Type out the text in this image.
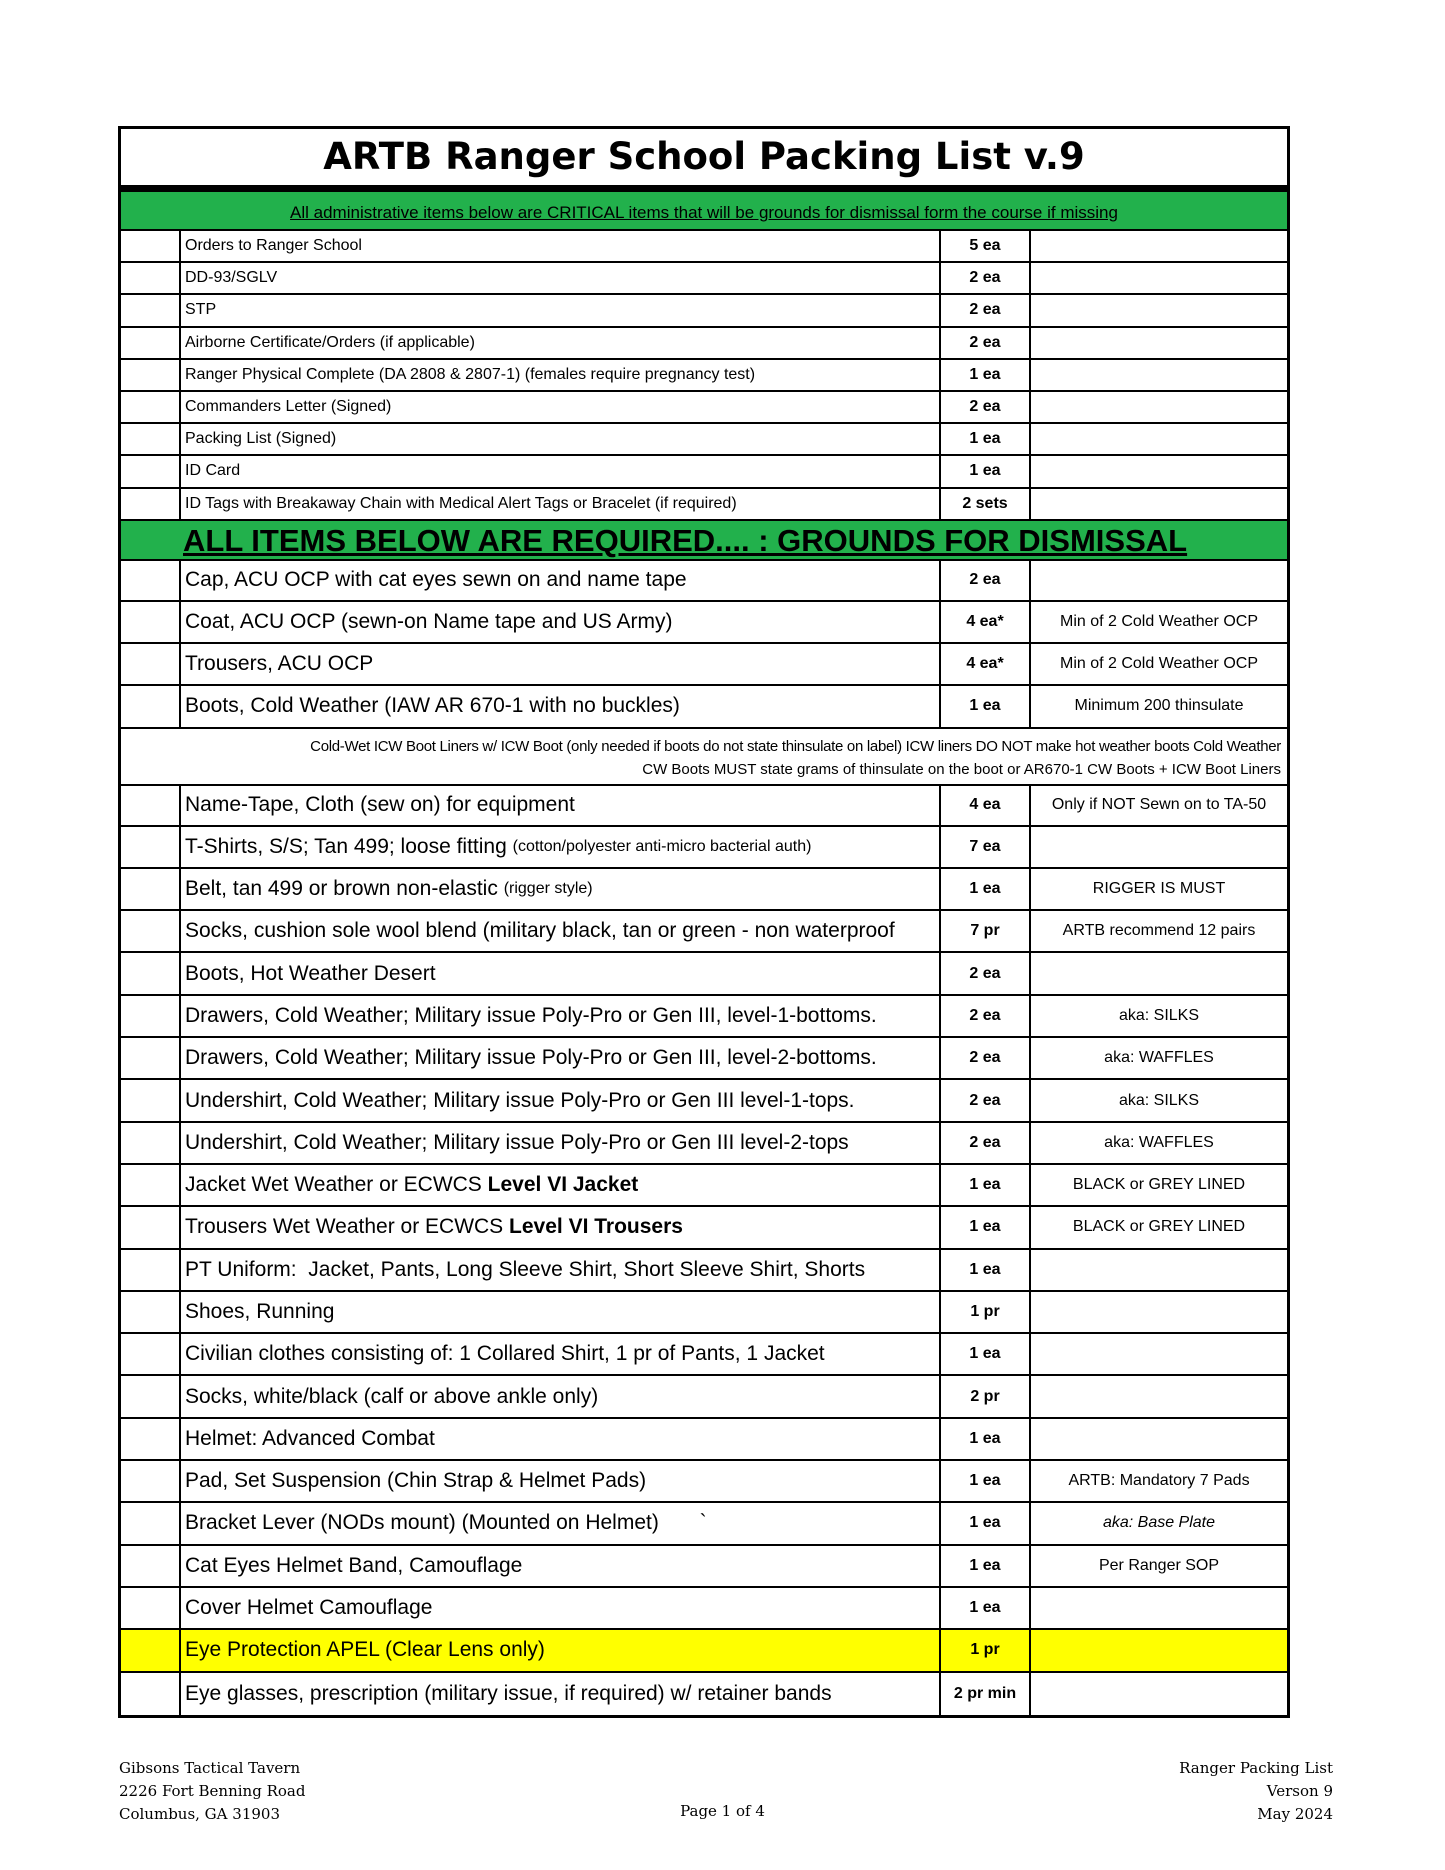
ARTB Ranger School Packing List v.9
All administrative items below are CRITICAL items that will be grounds for dismissal form the course if missing
Orders to Ranger School	5 ea
DD-93/SGLV	2 ea
STP	2 ea
Airborne Certificate/Orders (if applicable)	2 ea
Ranger Physical Complete (DA 2808 & 2807-1) (females require pregnancy test)	1 ea
Commanders Letter (Signed)	2 ea
Packing List (Signed)	1 ea
ID Card	1 ea
ID Tags with Breakaway Chain with Medical Alert Tags or Bracelet (if required)	2 sets
ALL ITEMS BELOW ARE REQUIRED.... : GROUNDS FOR DISMISSAL
Cap, ACU OCP with cat eyes sewn on and name tape	2 ea
Coat, ACU OCP (sewn-on Name tape and US Army)	4 ea*	Min of 2 Cold Weather OCP
Trousers, ACU OCP	4 ea*	Min of 2 Cold Weather OCP
Boots, Cold Weather (IAW AR 670-1 with no buckles)	1 ea	Minimum 200 thinsulate
Cold-Wet ICW Boot Liners w/ ICW Boot (only needed if boots do not state thinsulate on label) ICW liners DO NOT make hot weather boots Cold Weather
CW Boots MUST state grams of thinsulate on the boot or AR670-1 CW Boots + ICW Boot Liners
Name-Tape, Cloth (sew on) for equipment	4 ea	Only if NOT Sewn on to TA-50
T-Shirts, S/S; Tan 499; loose fitting (cotton/polyester anti-micro bacterial auth)	7 ea
Belt, tan 499 or brown non-elastic (rigger style)	1 ea	RIGGER IS MUST
Socks, cushion sole wool blend (military black, tan or green - non waterproof	7 pr	ARTB recommend 12 pairs
Boots, Hot Weather Desert	2 ea
Drawers, Cold Weather; Military issue Poly-Pro or Gen III, level-1-bottoms.	2 ea	aka: SILKS
Drawers, Cold Weather; Military issue Poly-Pro or Gen III, level-2-bottoms.	2 ea	aka: WAFFLES
Undershirt, Cold Weather; Military issue Poly-Pro or Gen III level-1-tops.	2 ea	aka: SILKS
Undershirt, Cold Weather; Military issue Poly-Pro or Gen III level-2-tops	2 ea	aka: WAFFLES
Jacket Wet Weather or ECWCS Level VI Jacket	1 ea	BLACK or GREY LINED
Trousers Wet Weather or ECWCS Level VI Trousers	1 ea	BLACK or GREY LINED
PT Uniform:  Jacket, Pants, Long Sleeve Shirt, Short Sleeve Shirt, Shorts	1 ea
Shoes, Running	1 pr
Civilian clothes consisting of: 1 Collared Shirt, 1 pr of Pants, 1 Jacket	1 ea
Socks, white/black (calf or above ankle only)	2 pr
Helmet: Advanced Combat	1 ea
Pad, Set Suspension (Chin Strap & Helmet Pads)	1 ea	ARTB: Mandatory 7 Pads
Bracket Lever (NODs mount) (Mounted on Helmet)       `	1 ea	aka: Base Plate
Cat Eyes Helmet Band, Camouflage	1 ea	Per Ranger SOP
Cover Helmet Camouflage	1 ea
Eye Protection APEL (Clear Lens only)	1 pr
Eye glasses, prescription (military issue, if required) w/ retainer bands	2 pr min
Gibsons Tactical Tavern
2226 Fort Benning Road
Columbus, GA 31903	Page 1 of 4
Ranger Packing List
Verson 9
May 2024
